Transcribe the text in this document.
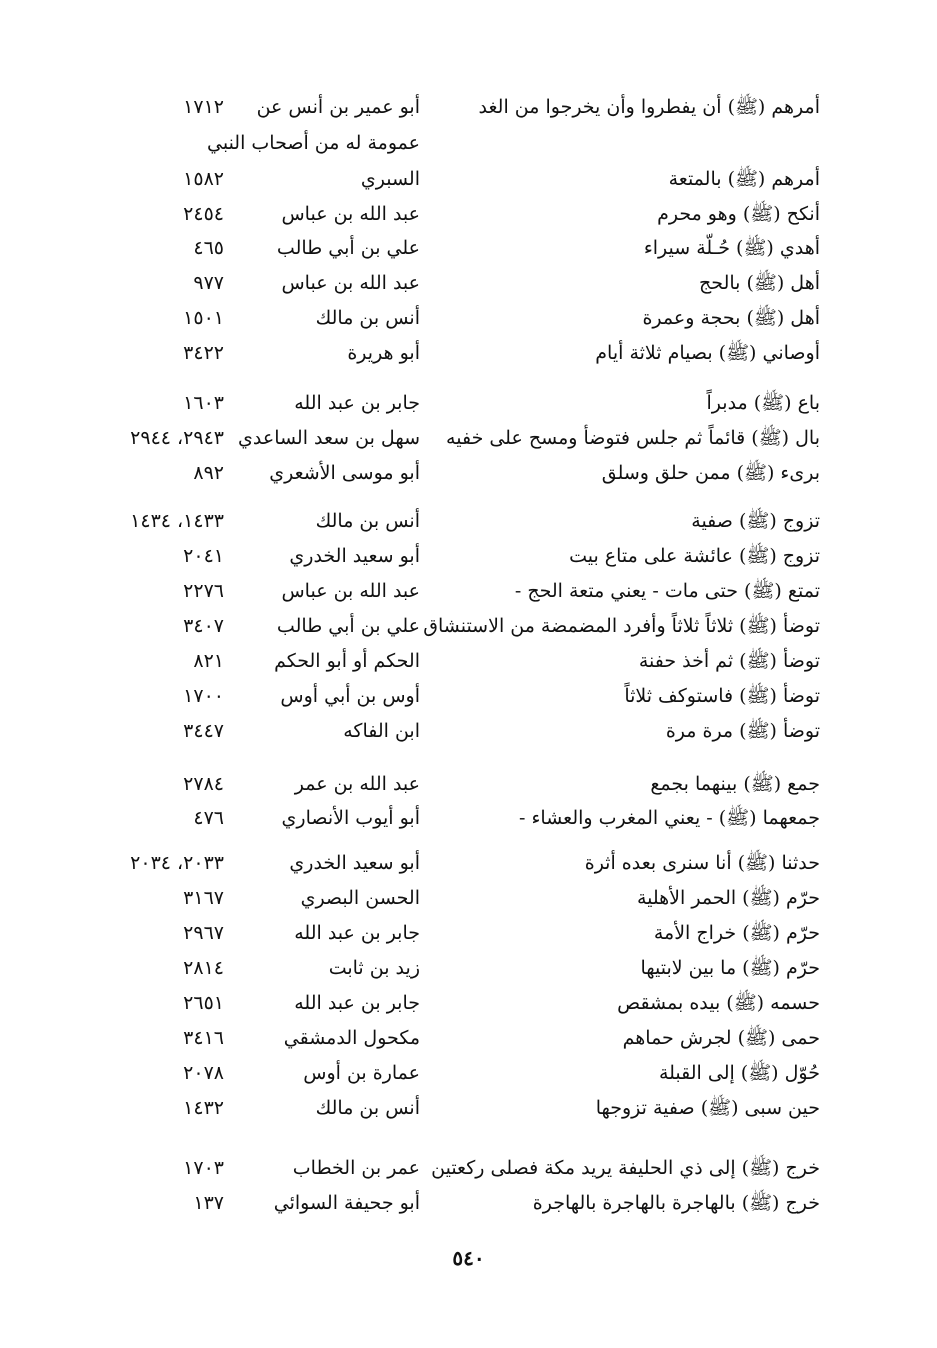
أمرهم (ﷺ) أن يفطروا وأن يخرجوا من الغد
أبو عمير بن أنس عن
١٧١٢
عمومة له من أصحاب النبي
أمرهم (ﷺ) بالمتعة
السبري
١٥٨٢
أنكح (ﷺ) وهو محرم
عبد الله بن عباس
٢٤٥٤
أهدي (ﷺ) حُـلّة سيراء
علي بن أبي طالب
٤٦٥
أهل (ﷺ) بالحج
عبد الله بن عباس
٩٧٧
أهل (ﷺ) بحجة وعمرة
أنس بن مالك
١٥٠١
أوصاني (ﷺ) بصيام ثلاثة أيام
أبو هريرة
٣٤٢٢
باع (ﷺ) مدبراً
جابر بن عبد الله
١٦٠٣
بال (ﷺ) قائماً ثم جلس فتوضأ ومسح على خفيه
سهل بن سعد الساعدي
٢٩٤٣، ٢٩٤٤
برىء (ﷺ) ممن حلق وسلق
أبو موسى الأشعري
٨٩٢
تزوج (ﷺ) صفية
أنس بن مالك
١٤٣٣، ١٤٣٤
تزوج (ﷺ) عائشة على متاع بيت
أبو سعيد الخدري
٢٠٤١
تمتع (ﷺ) حتى مات - يعني متعة الحج -
عبد الله بن عباس
٢٢٧٦
توضأ (ﷺ) ثلاثاً ثلاثاً وأفرد المضمضة من الاستنشاق
علي بن أبي طالب
٣٤٠٧
توضأ (ﷺ) ثم أخذ حفنة
الحكم أو أبو الحكم
٨٢١
توضأ (ﷺ) فاستوكف ثلاثاً
أوس بن أبي أوس
١٧٠٠
توضأ (ﷺ) مرة مرة
ابن الفاكه
٣٤٤٧
جمع (ﷺ) بينهما بجمع
عبد الله بن عمر
٢٧٨٤
جمعهما (ﷺ) - يعني المغرب والعشاء -
أبو أيوب الأنصاري
٤٧٦
حدثنا (ﷺ) أنا سنرى بعده أثرة
أبو سعيد الخدري
٢٠٣٣، ٢٠٣٤
حرّم (ﷺ) الحمر الأهلية
الحسن البصري
٣١٦٧
حرّم (ﷺ) خراج الأمة
جابر بن عبد الله
٢٩٦٧
حرّم (ﷺ) ما بين لابتيها
زيد بن ثابت
٢٨١٤
حسمه (ﷺ) بيده بمشقص
جابر بن عبد الله
٢٦٥١
حمى (ﷺ) لجرش حماهم
مكحول الدمشقي
٣٤١٦
حُوّل (ﷺ) إلى القبلة
عمارة بن أوس
٢٠٧٨
حين سبى (ﷺ) صفية تزوجها
أنس بن مالك
١٤٣٢
خرج (ﷺ) إلى ذي الحليفة يريد مكة فصلى ركعتين
عمر بن الخطاب
١٧٠٣
خرج (ﷺ) بالهاجرة بالهاجرة بالهاجرة
أبو جحيفة السوائي
١٣٧
٥٤٠
